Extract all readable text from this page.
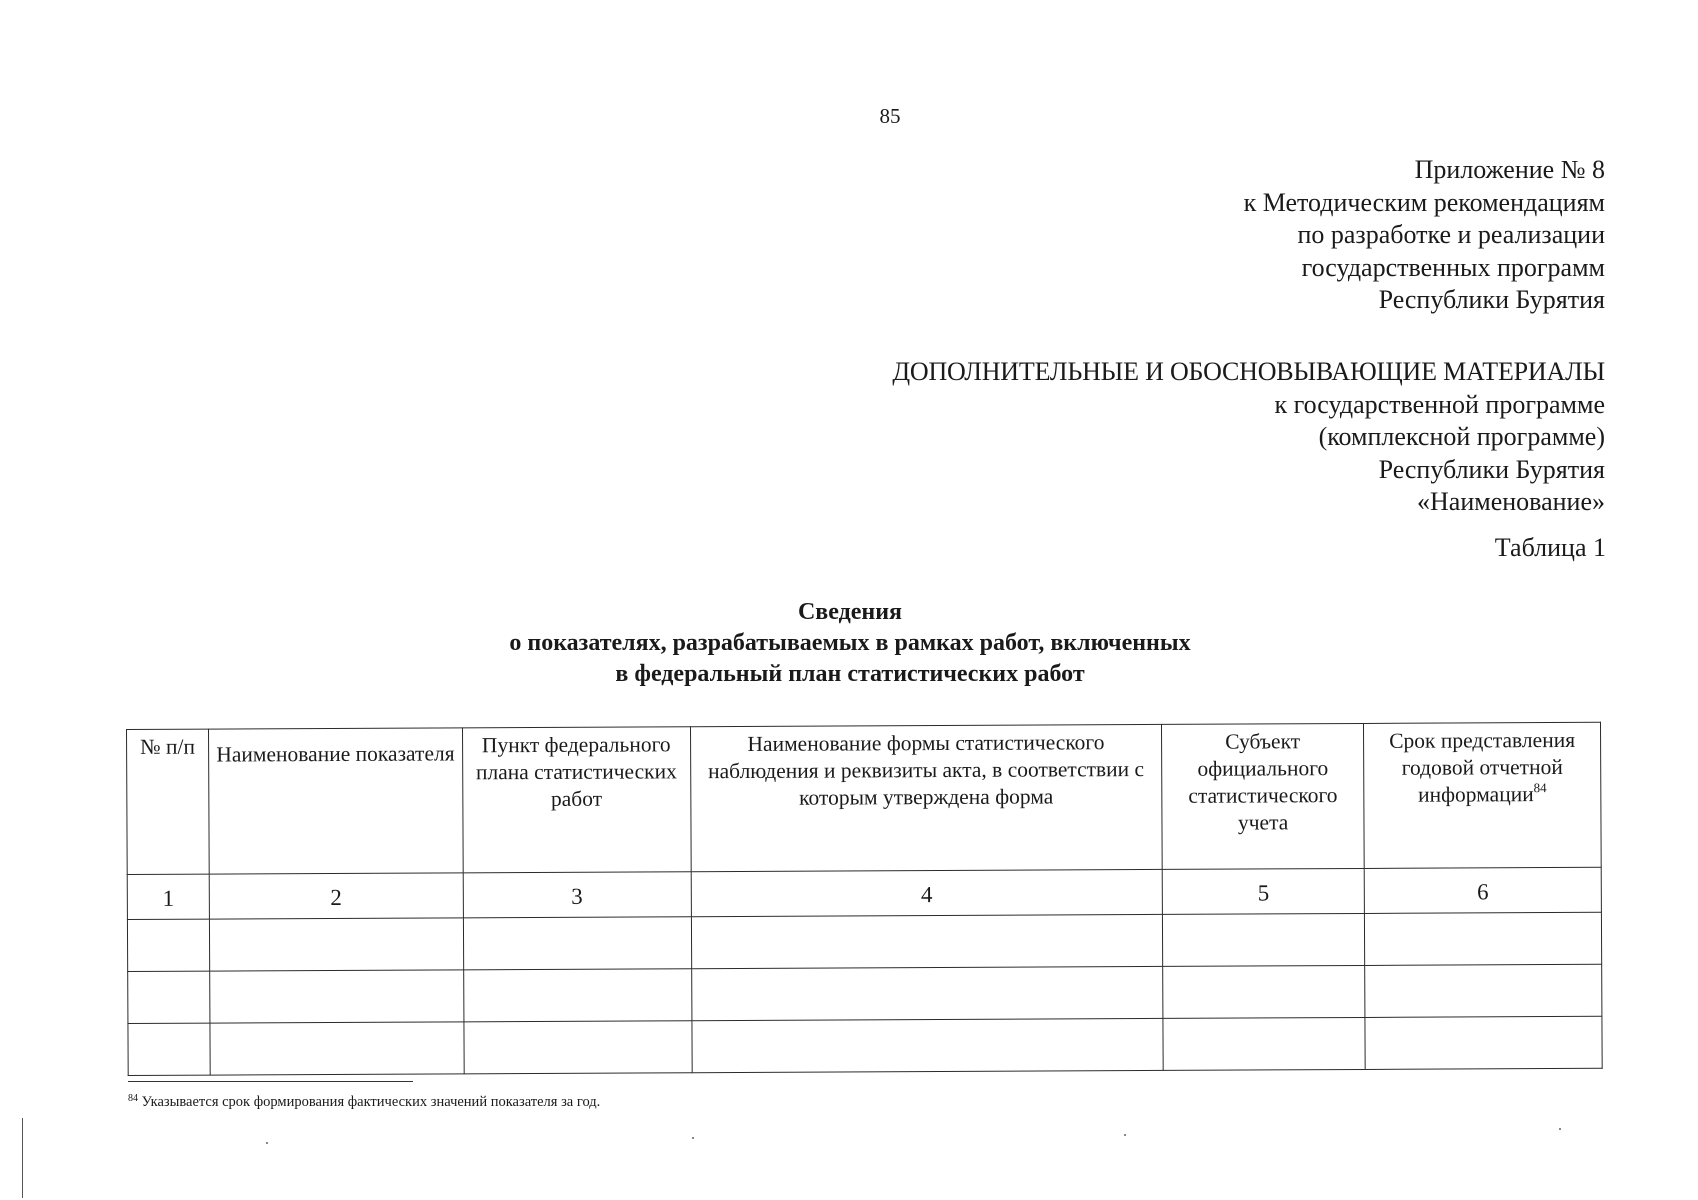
85
Приложение № 8
к Методическим рекомендациям
по разработке и реализации
государственных программ
Республики Бурятия
ДОПОЛНИТЕЛЬНЫЕ И ОБОСНОВЫВАЮЩИЕ МАТЕРИАЛЫ
к государственной программе
(комплексной программе)
Республики Бурятия
«Наименование»
Таблица 1
Сведения
о показателях, разрабатываемых в рамках работ, включенных
в федеральный план статистических работ
№ п/п	Наименование показателя	Пункт федерального плана статистических работ	Наименование формы статистического наблюдения и реквизиты акта, в соответствии с которым утверждена форма	Субъект официального статистического учета	Срок представления годовой отчетной информации$^{84}$
1	2	3	4	5	6

$^{84}$ Указывается срок формирования фактических значений показателя за год.
